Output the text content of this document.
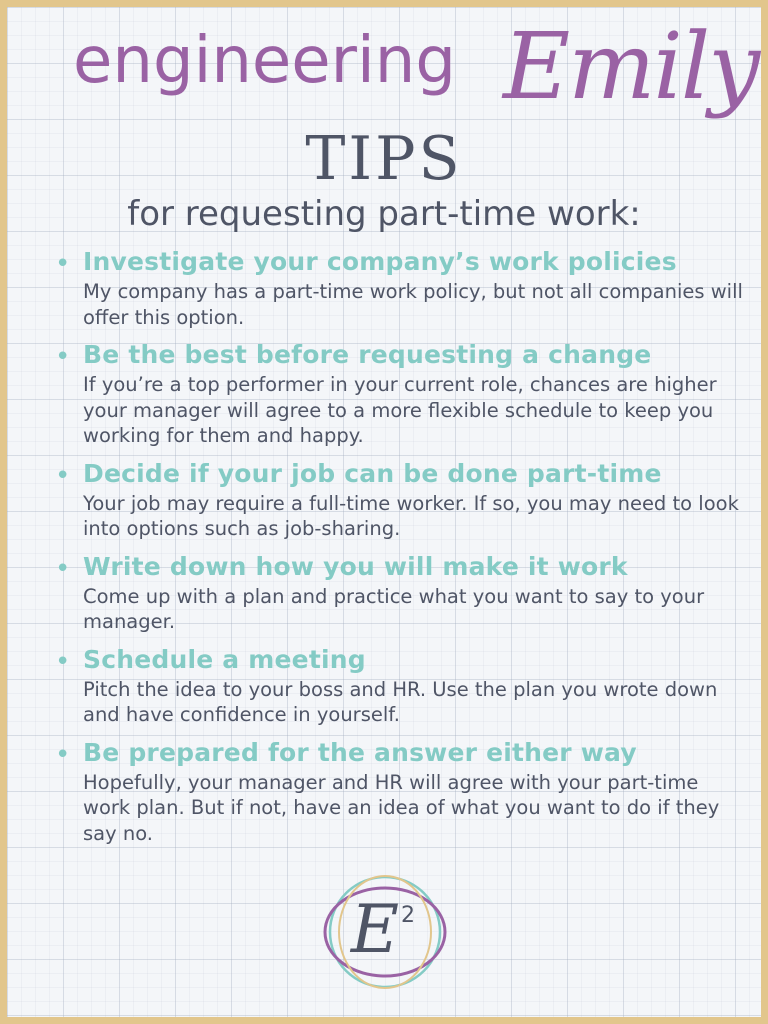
engineering Emily
TIPS
for requesting part-time work:
• Investigate your company’s work policies
My company has a part-time work policy, but not all companies will offer this option.
• Be the best before requesting a change
If you’re a top performer in your current role, chances are higher your manager will agree to a more flexible schedule to keep you working for them and happy.
• Decide if your job can be done part-time
Your job may require a full-time worker. If so, you may need to look into options such as job-sharing.
• Write down how you will make it work
Come up with a plan and practice what you want to say to your manager.
• Schedule a meeting
Pitch the idea to your boss and HR. Use the plan you wrote down and have confidence in yourself.
• Be prepared for the answer either way
Hopefully, your manager and HR will agree with your part-time work plan. But if not, have an idea of what you want to do if they say no.
E 2
